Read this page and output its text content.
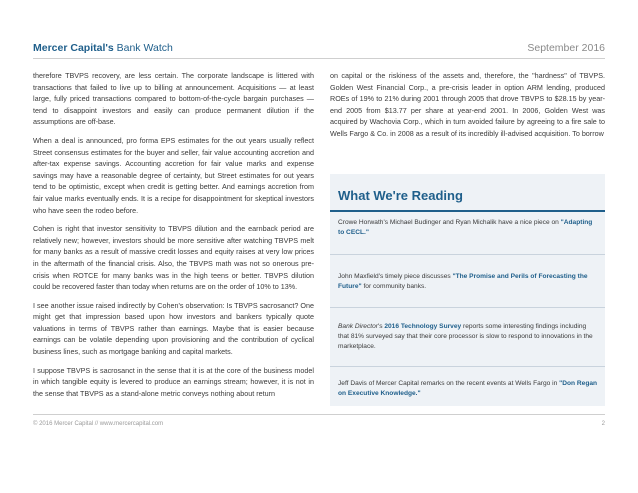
Mercer Capital's Bank Watch	September 2016

therefore TBVPS recovery, are less certain. The corporate landscape is littered with transactions that failed to live up to billing at announcement. Acquisitions — at least large, fully priced transactions compared to bottom-of-the-cycle bargain purchases — tend to disappoint investors and easily can produce permanent dilution if the assumptions are off-base.

When a deal is announced, pro forma EPS estimates for the out years usually reflect Street consensus estimates for the buyer and seller, fair value accounting accretion and after-tax expense savings. Accounting accretion for fair value marks and expense savings may have a reasonable degree of certainty, but Street estimates for out years tend to be optimistic, except when credit is getting better. And earnings accretion from fair value marks eventually ends. It is a recipe for disappointment for skeptical investors who have seen the rodeo before.

Cohen is right that investor sensitivity to TBVPS dilution and the earnback period are relatively new; however, investors should be more sensitive after watching TBVPS melt for many banks as a result of massive credit losses and equity raises at very low prices in the aftermath of the financial crisis. Also, the TBVPS math was not so onerous pre-crisis when ROTCE for many banks was in the high teens or better. TBVPS dilution could be recovered faster than today when returns are on the order of 10% to 13%.

I see another issue raised indirectly by Cohen's observation: Is TBVPS sacrosanct? One might get that impression based upon how investors and bankers typically quote valuations in terms of TBVPS rather than earnings. Maybe that is easier because earnings can be volatile depending upon provisioning and the contribution of cyclical business lines, such as mortgage banking and capital markets.

I suppose TBVPS is sacrosanct in the sense that it is at the core of the business model in which tangible equity is levered to produce an earnings stream; however, it is not in the sense that TBVPS as a stand-alone metric conveys nothing about return

on capital or the riskiness of the assets and, therefore, the "hardness" of TBVPS. Golden West Financial Corp., a pre-crisis leader in option ARM lending, produced ROEs of 19% to 21% during 2001 through 2005 that drove TBVPS to $28.15 by year-end 2005 from $13.77 per share at year-end 2001. In 2006, Golden West was acquired by Wachovia Corp., which in turn avoided failure by agreeing to a fire sale to Wells Fargo & Co. in 2008 as a result of its incredibly ill-advised acquisition. To borrow

What We're Reading
Crowe Horwath's Michael Budinger and Ryan Michalik have a nice piece on "Adapting to CECL."
John Maxfield's timely piece discusses "The Promise and Perils of Forecasting the Future" for community banks.
Bank Director's 2016 Technology Survey reports some interesting findings including that 81% surveyed say that their core processor is slow to respond to innovations in the marketplace.
Jeff Davis of Mercer Capital remarks on the recent events at Wells Fargo in "Don Regan on Executive Knowledge."
© 2016 Mercer Capital // www.mercercapital.com	2
